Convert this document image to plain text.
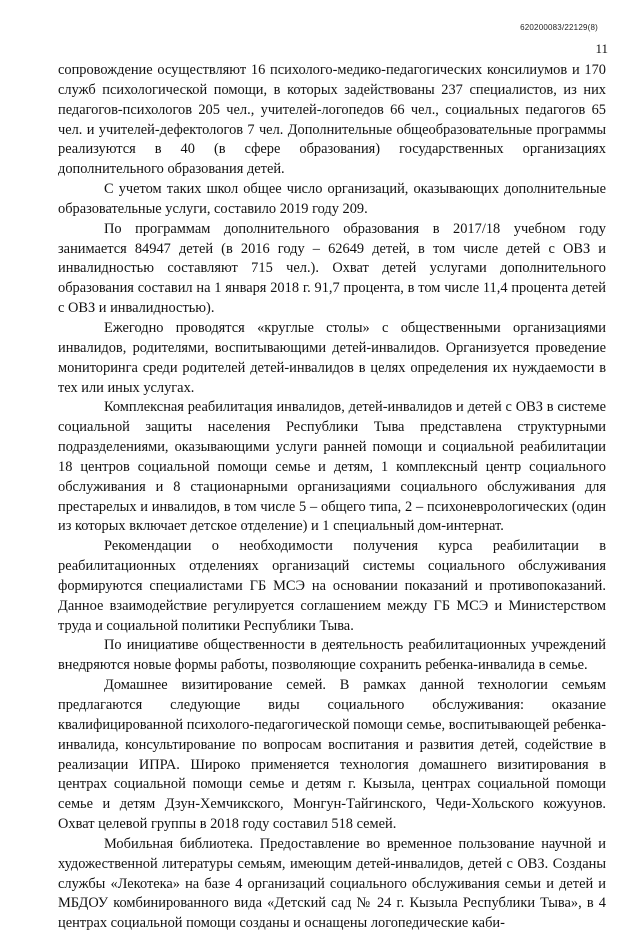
620200083/22129(8)
11

сопровождение осуществляют 16 психолого-медико-педагогических консилиумов и 170 служб психологической помощи, в которых задействованы 237 специалистов, из них педагогов-психологов 205 чел., учителей-логопедов 66 чел., социальных педагогов 65 чел. и учителей-дефектологов 7 чел. Дополнительные общеобразовательные программы реализуются в 40 (в сфере образования) государственных организациях дополнительного образования детей.

С учетом таких школ общее число организаций, оказывающих дополнительные образовательные услуги, составило 2019 году 209.

По программам дополнительного образования в 2017/18 учебном году занимается 84947 детей (в 2016 году – 62649 детей, в том числе детей с ОВЗ и инвалидностью составляют 715 чел.). Охват детей услугами дополнительного образования составил на 1 января 2018 г. 91,7 процента, в том числе 11,4 процента детей с ОВЗ и инвалидностью).

Ежегодно проводятся «круглые столы» с общественными организациями инвалидов, родителями, воспитывающими детей-инвалидов. Организуется проведение мониторинга среди родителей детей-инвалидов в целях определения их нуждаемости в тех или иных услугах.

Комплексная реабилитация инвалидов, детей-инвалидов и детей с ОВЗ в системе социальной защиты населения Республики Тыва представлена структурными подразделениями, оказывающими услуги ранней помощи и социальной реабилитации 18 центров социальной помощи семье и детям, 1 комплексный центр социального обслуживания и 8 стационарными организациями социального обслуживания для престарелых и инвалидов, в том числе 5 – общего типа, 2 – психоневрологических (один из которых включает детское отделение) и 1 специальный дом-интернат.

Рекомендации о необходимости получения курса реабилитации в реабилитационных отделениях организаций системы социального обслуживания формируются специалистами ГБ МСЭ на основании показаний и противопоказаний. Данное взаимодействие регулируется соглашением между ГБ МСЭ и Министерством труда и социальной политики Республики Тыва.

По инициативе общественности в деятельность реабилитационных учреждений внедряются новые формы работы, позволяющие сохранить ребенка-инвалида в семье.

Домашнее визитирование семей. В рамках данной технологии семьям предлагаются следующие виды социального обслуживания: оказание квалифицированной психолого-педагогической помощи семье, воспитывающей ребенка-инвалида, консультирование по вопросам воспитания и развития детей, содействие в реализации ИПРА. Широко применяется технология домашнего визитирования в центрах социальной помощи семье и детям г. Кызыла, центрах социальной помощи семье и детям Дзун-Хемчикского, Монгун-Тайгинского, Чеди-Хольского кожуунов. Охват целевой группы в 2018 году составил 518 семей.

Мобильная библиотека. Предоставление во временное пользование научной и художественной литературы семьям, имеющим детей-инвалидов, детей с ОВЗ. Созданы службы «Лекотека» на базе 4 организаций социального обслуживания семьи и детей и МБДОУ комбинированного вида «Детский сад № 24 г. Кызыла Республики Тыва», в 4 центрах социальной помощи созданы и оснащены логопедические каби-
